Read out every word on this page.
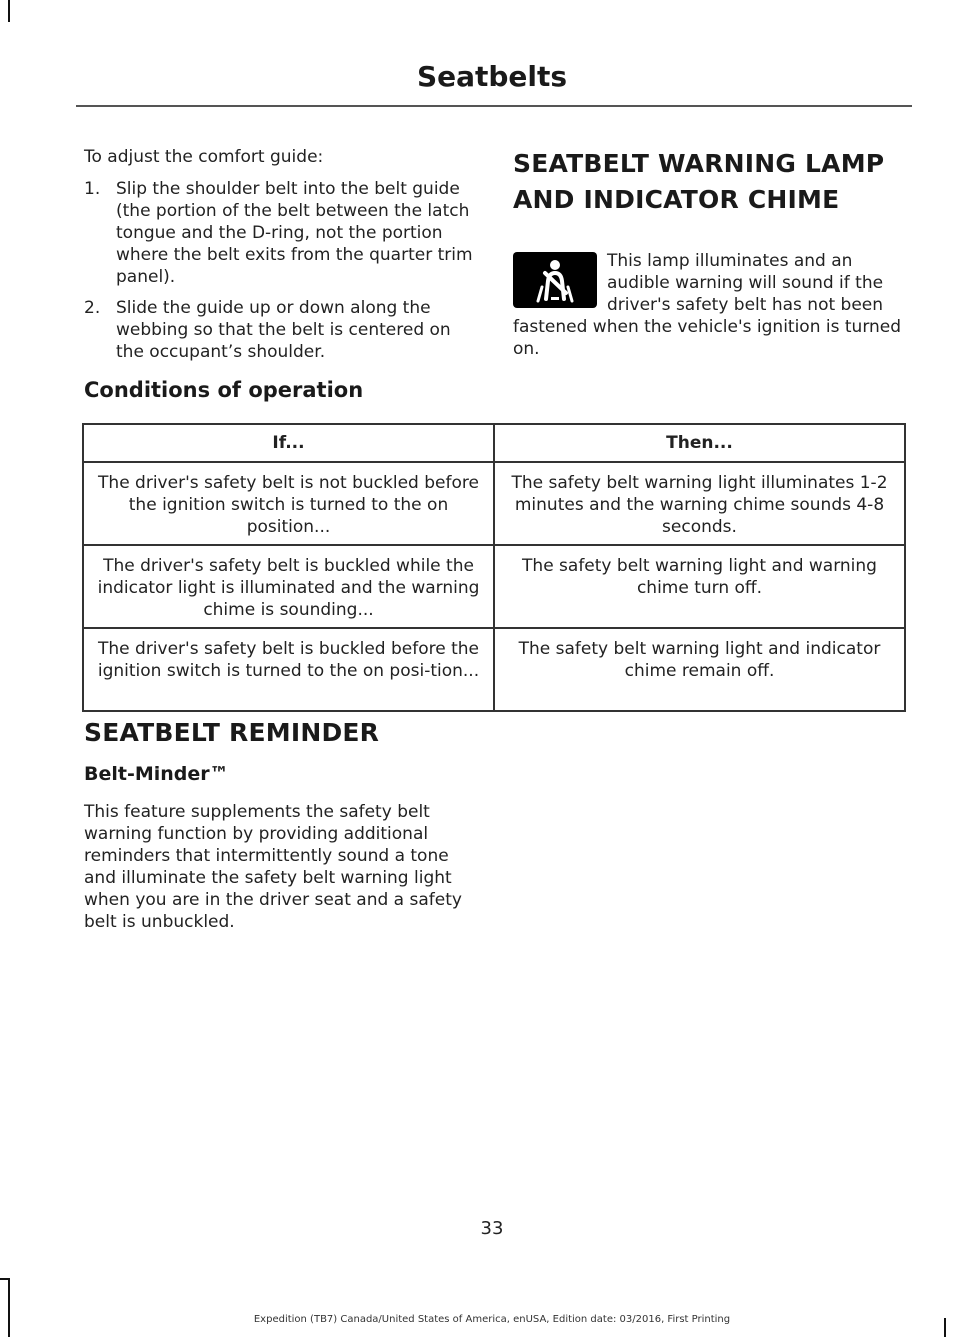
Seatbelts

To adjust the comfort guide:

1. Slip the shoulder belt into the belt guide (the portion of the belt between the latch tongue and the D-ring, not the portion where the belt exits from the quarter trim panel).
2. Slide the guide up or down along the webbing so that the belt is centered on the occupant’s shoulder.
SEATBELT WARNING LAMP AND INDICATOR CHIME

This lamp illuminates and an audible warning will sound if the driver's safety belt has not been fastened when the vehicle's ignition is turned on.

Conditions of operation
If...	Then...
The driver's safety belt is not buckled before the ignition switch is turned to the on position...	The safety belt warning light illuminates 1-2 minutes and the warning chime sounds 4-8 seconds.
The driver's safety belt is buckled while the indicator light is illuminated and the warning chime is sounding...	The safety belt warning light and warning chime turn off.
The driver's safety belt is buckled before the ignition switch is turned to the on posi-tion...	The safety belt warning light and indicator chime remain off.
SEATBELT REMINDER
Belt-Minder™

This feature supplements the safety belt warning function by providing additional reminders that intermittently sound a tone and illuminate the safety belt warning light when you are in the driver seat and a safety belt is unbuckled.

33

Expedition (TB7) Canada/United States of America, enUSA, Edition date: 03/2016, First Printing
